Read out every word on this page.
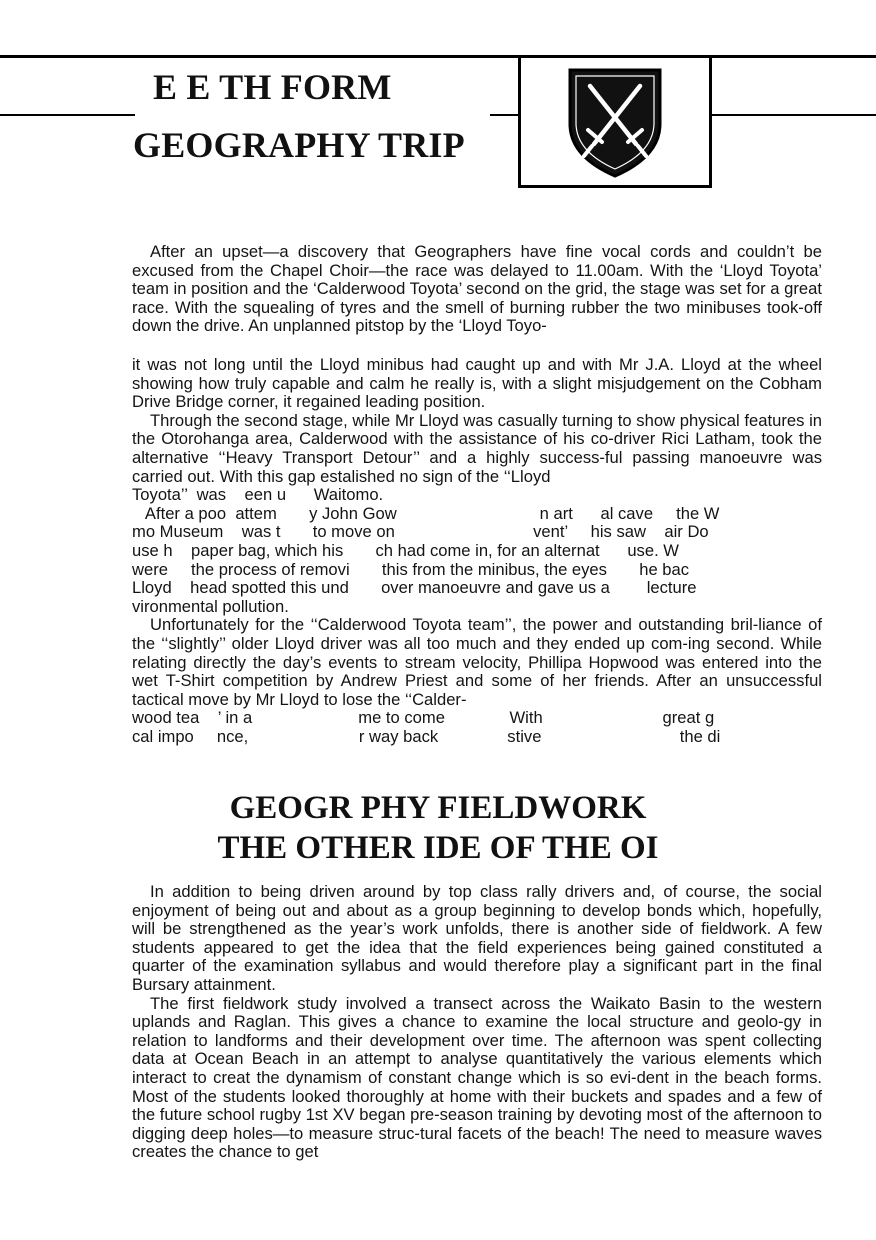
E E TH FORM
GEOGRAPHY TRIP

After an upset—a discovery that Geographers have fine vocal cords and couldn’t be excused from the Chapel Choir—the race was delayed to 11.00am. With the ‘Lloyd Toyota’ team in position and the ‘Calderwood Toyota’ second on the grid, the stage was set for a great race. With the squealing of tyres and the smell of burning rubber the two minibuses took-off down the drive. An unplanned pitstop by the ‘Lloyd Toyo-

it was not long until the Lloyd minibus had caught up and with Mr J.A. Lloyd at the wheel showing how truly capable and calm he really is, with a slight misjudgement on the Cobham Drive Bridge corner, it regained leading position.

Through the second stage, while Mr Lloyd was casually turning to show physical features in the Otorohanga area, Calderwood with the assistance of his co-driver Rici Latham, took the alternative ‘‘Heavy Transport Detour’’ and a highly success-ful passing manoeuvre was carried out. With this gap estalished no sign of the ‘‘Lloyd

Toyota’’  was    een u      Waitomo.
After a poo  attem       y John Gow                               n art      al cave     the W
mo Museum    was t       to move on                              vent’     his saw    air Do
use h    paper bag, which his       ch had come in, for an alternat      use. W
were     the process of removi       this from the minibus, the eyes       he bac
Lloyd    head spotted this und       over manoeuvre and gave us a        lecture
vironmental pollution.

Unfortunately for the ‘‘Calderwood Toyota team’’, the power and outstanding bril-liance of the ‘‘slightly’’ older Lloyd driver was all too much and they ended up com-ing second. While relating directly the day’s events to stream velocity, Phillipa Hopwood was entered into the wet T-Shirt competition by Andrew Priest and some of her friends. After an unsuccessful tactical move by Mr Lloyd to lose the ‘‘Calder-

wood tea    ’ in a                       me to come              With                          great g
cal impo     nce,                        r way back               stive                              the di
GEOGR PHY FIELDWORK
THE OTHER IDE OF THE OI

In addition to being driven around by top class rally drivers and, of course, the social enjoyment of being out and about as a group beginning to develop bonds which, hopefully, will be strengthened as the year’s work unfolds, there is another side of fieldwork. A few students appeared to get the idea that the field experiences being gained constituted a quarter of the examination syllabus and would therefore play a significant part in the final Bursary attainment.

The first fieldwork study involved a transect across the Waikato Basin to the western uplands and Raglan. This gives a chance to examine the local structure and geolo-gy in relation to landforms and their development over time. The afternoon was spent collecting data at Ocean Beach in an attempt to analyse quantitatively the various elements which interact to creat the dynamism of constant change which is so evi-dent in the beach forms. Most of the students looked thoroughly at home with their buckets and spades and a few of the future school rugby 1st XV began pre-season training by devoting most of the afternoon to digging deep holes—to measure struc-tural facets of the beach! The need to measure waves creates the chance to get
